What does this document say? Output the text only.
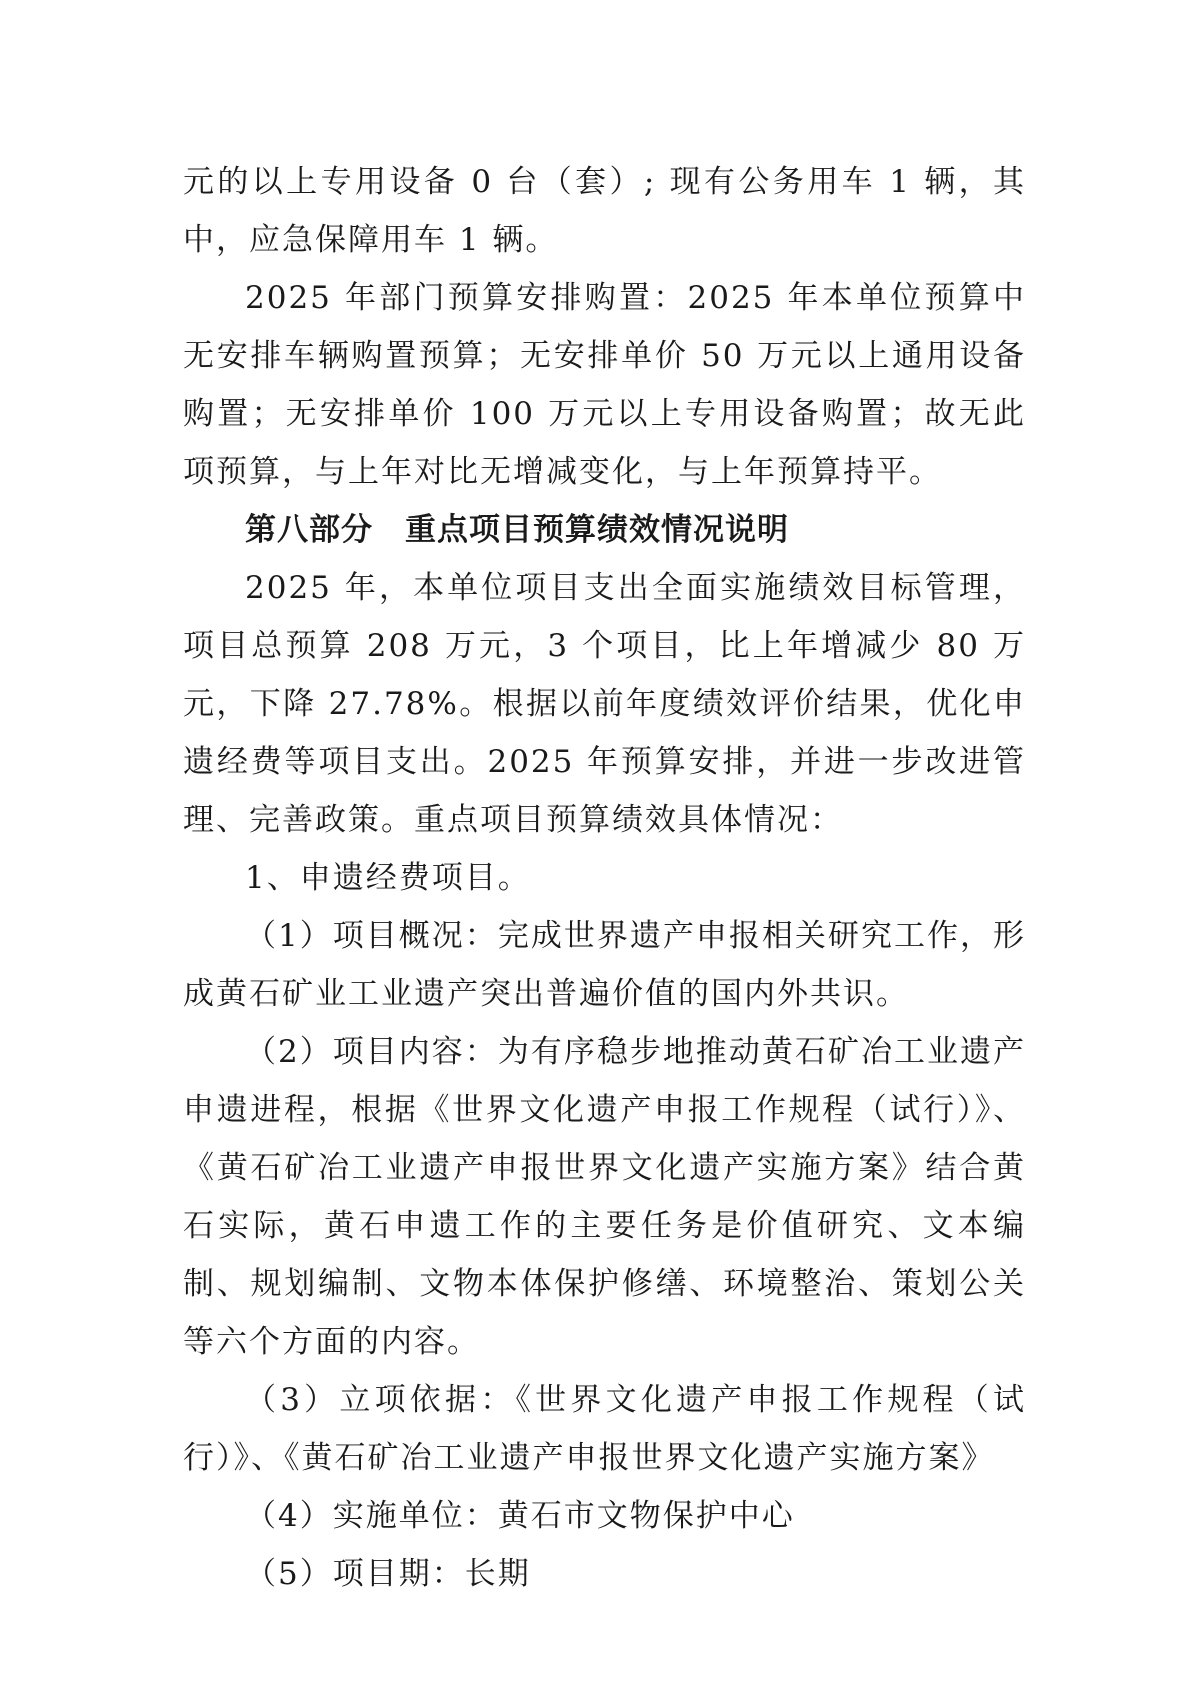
元的以上专用设备 0 台（套）; 现有公务用车 1 辆，其中，应急保障用车 1 辆。

2025 年部门预算安排购置：2025 年本单位预算中无安排车辆购置预算；无安排单价 50 万元以上通用设备购置；无安排单价 100 万元以上专用设备购置；故无此项预算，与上年对比无增减变化，与上年预算持平。

第八部分　重点项目预算绩效情况说明

2025 年，本单位项目支出全面实施绩效目标管理，项目总预算 208 万元，3 个项目，比上年增减少 80 万元，下降 27.78%。根据以前年度绩效评价结果，优化申遗经费等项目支出。2025 年预算安排，并进一步改进管理、完善政策。重点项目预算绩效具体情况：

1、申遗经费项目。

（1）项目概况：完成世界遗产申报相关研究工作，形成黄石矿业工业遗产突出普遍价值的国内外共识。

（2）项目内容：为有序稳步地推动黄石矿冶工业遗产申遗进程，根据《世界文化遗产申报工作规程（试行）》、《黄石矿冶工业遗产申报世界文化遗产实施方案》结合黄石实际，黄石申遗工作的主要任务是价值研究、文本编制、规划编制、文物本体保护修缮、环境整治、策划公关等六个方面的内容。

（3）立项依据：《世界文化遗产申报工作规程（试行）》、《黄石矿冶工业遗产申报世界文化遗产实施方案》

（4）实施单位：黄石市文物保护中心

（5）项目期：长期
